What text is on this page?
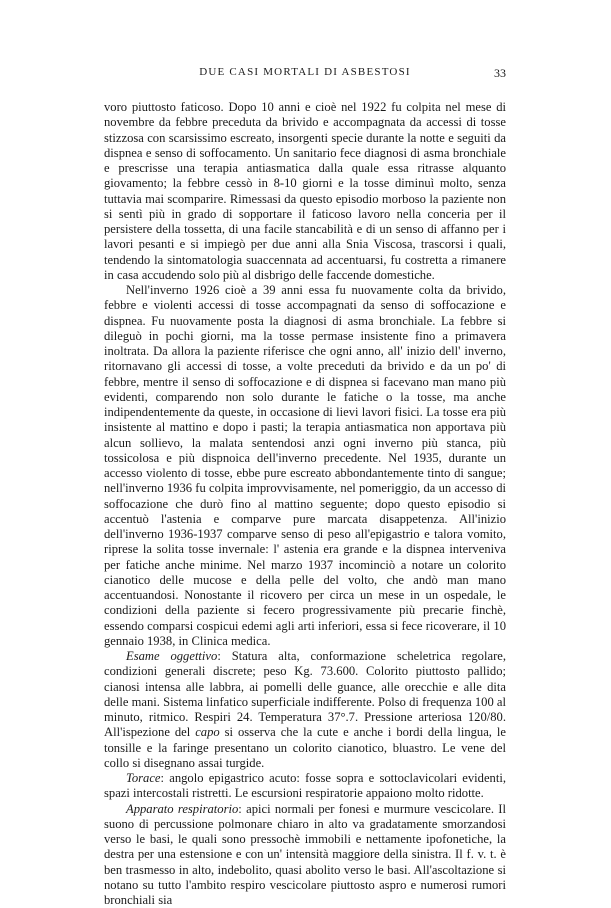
DUE CASI MORTALI DI ASBESTOSI	33

voro piuttosto faticoso. Dopo 10 anni e cioè nel 1922 fu colpita nel mese di novembre da febbre preceduta da brivido e accompagnata da accessi di tosse stizzosa con scarsissimo escreato, insorgenti specie durante la notte e seguiti da dispnea e senso di soffocamento. Un sanitario fece diagnosi di asma bronchiale e prescrisse una terapia antiasmatica dalla quale essa ritrasse alquanto giovamento; la febbre cessò in 8-10 giorni e la tosse diminuì molto, senza tuttavia mai scomparire. Rimessasi da questo episodio morboso la paziente non si sentì più in grado di sopportare il faticoso lavoro nella conceria per il persistere della tossetta, di una facile stancabilità e di un senso di affanno per i lavori pesanti e si impiegò per due anni alla Snia Viscosa, trascorsi i quali, tendendo la sintomatologia suaccennata ad accentuarsi, fu costretta a rimanere in casa accudendo solo più al disbrigo delle faccende domestiche.

Nell'inverno 1926 cioè a 39 anni essa fu nuovamente colta da brivido, febbre e violenti accessi di tosse accompagnati da senso di soffocazione e dispnea. Fu nuovamente posta la diagnosi di asma bronchiale. La febbre si dileguò in pochi giorni, ma la tosse permase insistente fino a primavera inoltrata. Da allora la paziente riferisce che ogni anno, all' inizio dell' inverno, ritornavano gli accessi di tosse, a volte preceduti da brivido e da un po' di febbre, mentre il senso di soffocazione e di dispnea si facevano man mano più evidenti, comparendo non solo durante le fatiche o la tosse, ma anche indipendentemente da queste, in occasione di lievi lavori fisici. La tosse era più insistente al mattino e dopo i pasti; la terapia antiasmatica non apportava più alcun sollievo, la malata sentendosi anzi ogni inverno più stanca, più tossicolosa e più dispnoica dell'inverno precedente. Nel 1935, durante un accesso violento di tosse, ebbe pure escreato abbondantemente tinto di sangue; nell'inverno 1936 fu colpita improvvisamente, nel pomeriggio, da un accesso di soffocazione che durò fino al mattino seguente; dopo questo episodio si accentuò l'astenia e comparve pure marcata disappetenza. All'inizio dell'inverno 1936-1937 comparve senso di peso all'epigastrio e talora vomito, riprese la solita tosse invernale: l' astenia era grande e la dispnea interveniva per fatiche anche minime. Nel marzo 1937 incominciò a notare un colorito cianotico delle mucose e della pelle del volto, che andò man mano accentuandosi. Nonostante il ricovero per circa un mese in un ospedale, le condizioni della paziente si fecero progressivamente più precarie finchè, essendo comparsi cospicui edemi agli arti inferiori, essa si fece ricoverare, il 10 gennaio 1938, in Clinica medica.

Esame oggettivo: Statura alta, conformazione scheletrica regolare, condizioni generali discrete; peso Kg. 73.600. Colorito piuttosto pallido; cianosi intensa alle labbra, ai pomelli delle guance, alle orecchie e alle dita delle mani. Sistema linfatico superficiale indifferente. Polso di frequenza 100 al minuto, ritmico. Respiri 24. Temperatura 37°.7. Pressione arteriosa 120/80. All'ispezione del capo si osserva che la cute e anche i bordi della lingua, le tonsille e la faringe presentano un colorito cianotico, bluastro. Le vene del collo si disegnano assai turgide.

Torace: angolo epigastrico acuto: fosse sopra e sottoclavicolari evidenti, spazi intercostali ristretti. Le escursioni respiratorie appaiono molto ridotte.

Apparato respiratorio: apici normali per fonesi e murmure vescicolare. Il suono di percussione polmonare chiaro in alto va gradatamente smorzandosi verso le basi, le quali sono pressochè immobili e nettamente ipofonetiche, la destra per una estensione e con un' intensità maggiore della sinistra. Il f. v. t. è ben trasmesso in alto, indebolito, quasi abolito verso le basi. All'ascoltazione si notano su tutto l'ambito respiro vescicolare piuttosto aspro e numerosi rumori bronchiali sia
